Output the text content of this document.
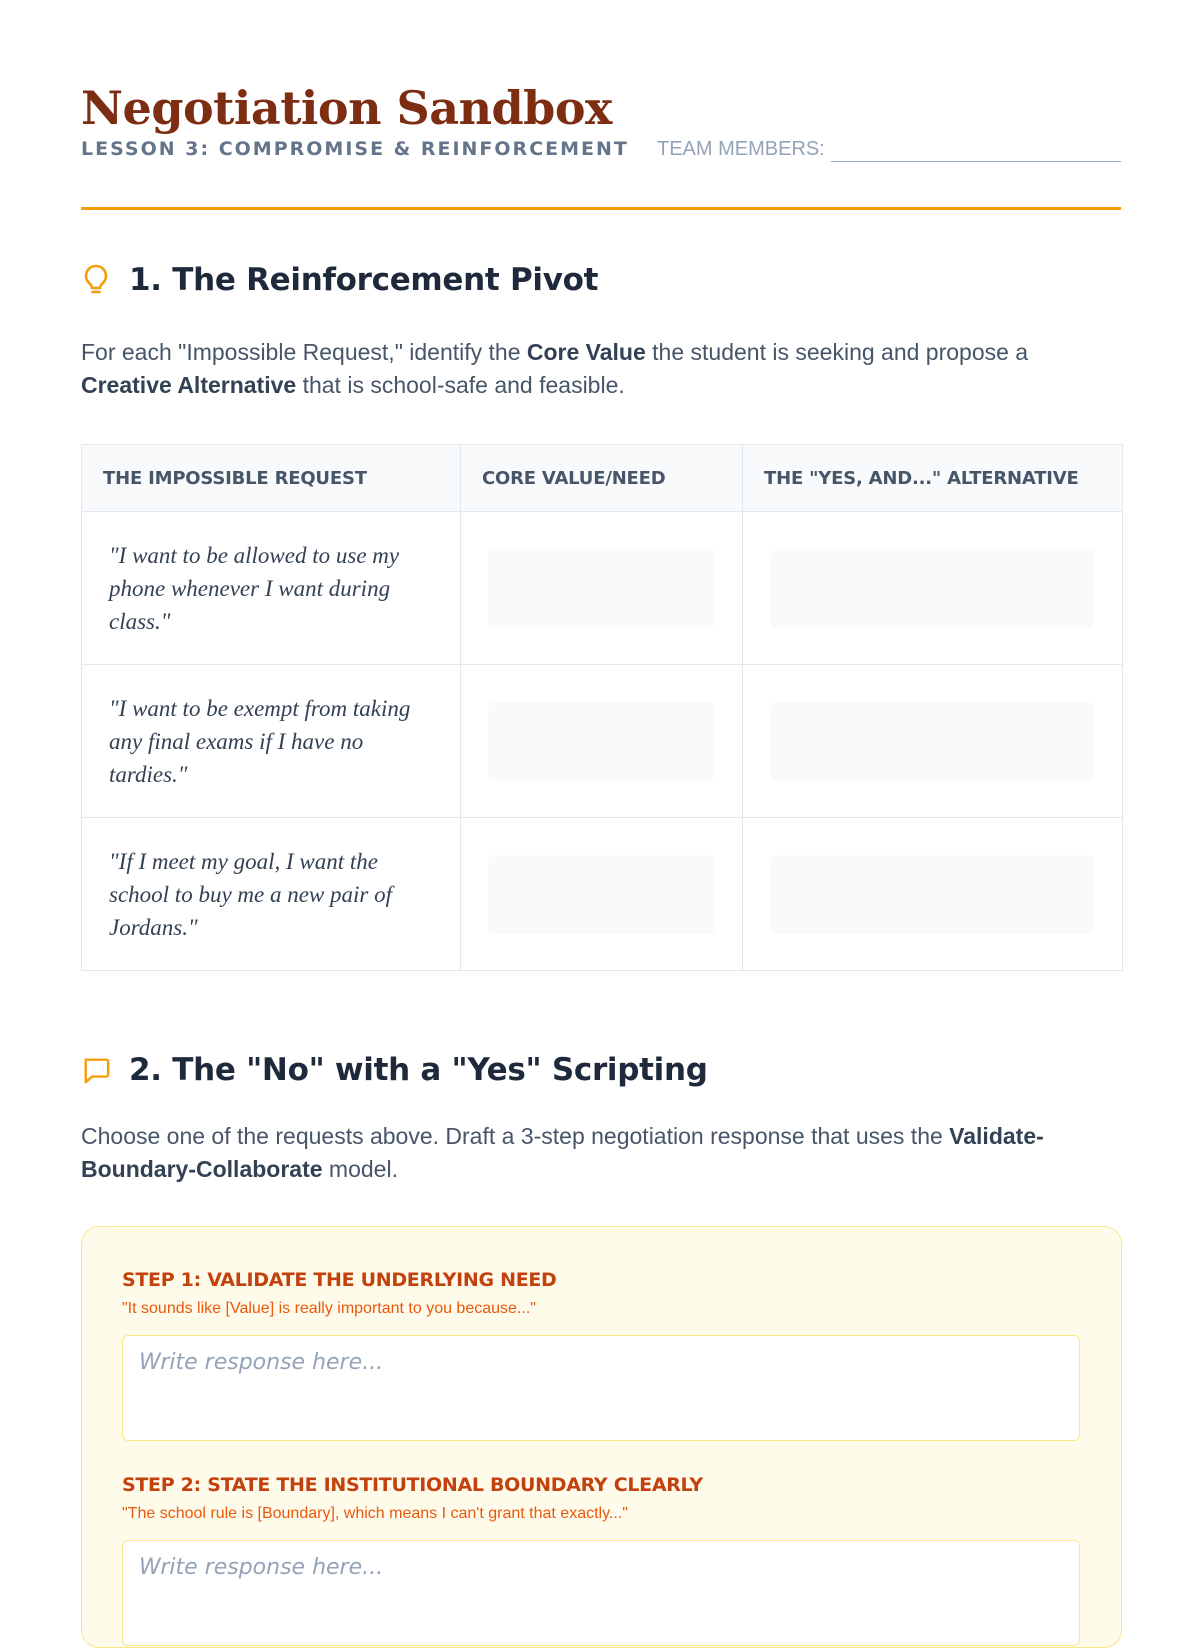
Negotiation Sandbox
LESSON 3: COMPROMISE & REINFORCEMENT TEAM MEMBERS:
1. The Reinforcement Pivot

For each "Impossible Request," identify the Core Value the student is seeking and propose a Creative Alternative that is school-safe and feasible.

THE IMPOSSIBLE REQUEST	CORE VALUE/NEED	THE "YES, AND..." ALTERNATIVE
"I want to be allowed to use my phone whenever I want during class."	

"I want to be exempt from taking any final exams if I have no tardies."	

"If I meet my goal, I want the school to buy me a new pair of Jordans."	

2. The "No" with a "Yes" Scripting

Choose one of the requests above. Draft a 3-step negotiation response that uses the Validate-Boundary-Collaborate model.

STEP 1: VALIDATE THE UNDERLYING NEED
"It sounds like [Value] is really important to you because..."
Write response here...
STEP 2: STATE THE INSTITUTIONAL BOUNDARY CLEARLY
"The school rule is [Boundary], which means I can't grant that exactly..."
Write response here...
